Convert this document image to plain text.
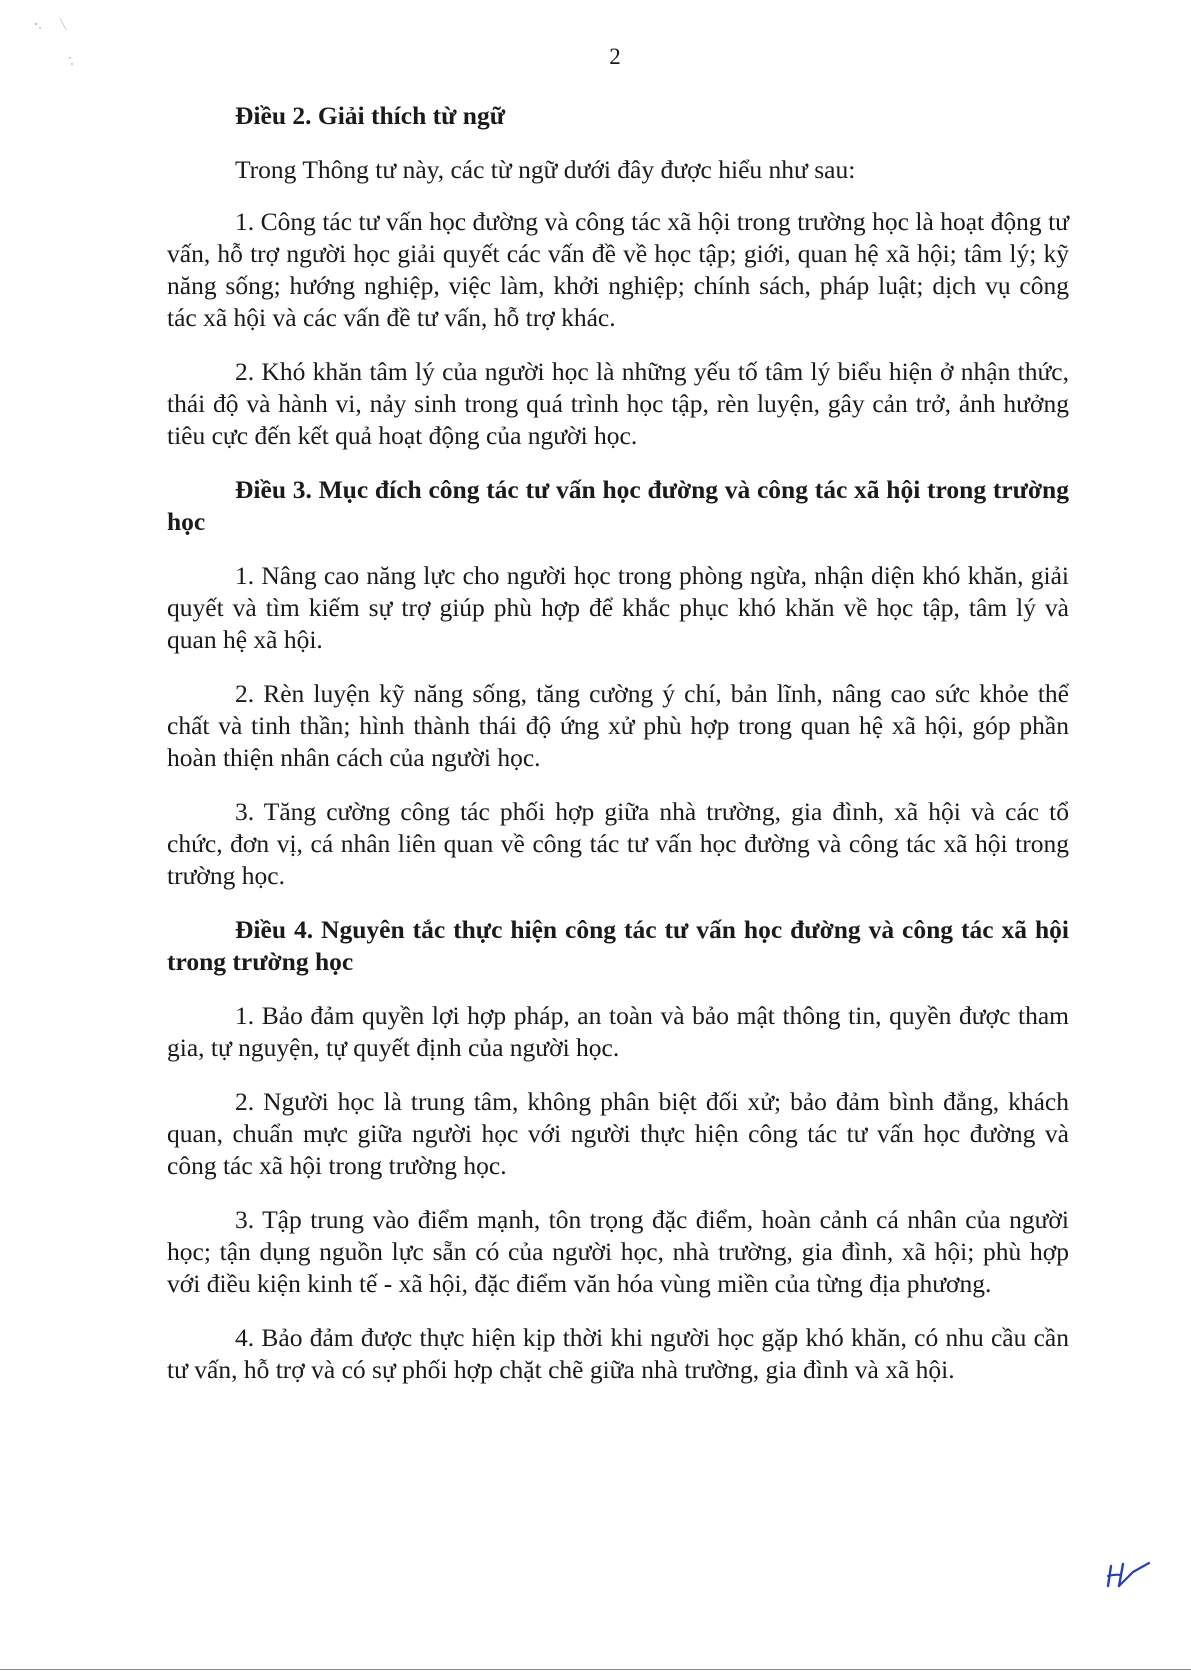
2

Điều 2. Giải thích từ ngữ

Trong Thông tư này, các từ ngữ dưới đây được hiểu như sau:

1. Công tác tư vấn học đường và công tác xã hội trong trường học là hoạt động tư vấn, hỗ trợ người học giải quyết các vấn đề về học tập; giới, quan hệ xã hội; tâm lý; kỹ năng sống; hướng nghiệp, việc làm, khởi nghiệp; chính sách, pháp luật; dịch vụ công tác xã hội và các vấn đề tư vấn, hỗ trợ khác.

2. Khó khăn tâm lý của người học là những yếu tố tâm lý biểu hiện ở nhận thức, thái độ và hành vi, nảy sinh trong quá trình học tập, rèn luyện, gây cản trở, ảnh hưởng tiêu cực đến kết quả hoạt động của người học.

Điều 3. Mục đích công tác tư vấn học đường và công tác xã hội trong trường học

1. Nâng cao năng lực cho người học trong phòng ngừa, nhận diện khó khăn, giải quyết và tìm kiếm sự trợ giúp phù hợp để khắc phục khó khăn về học tập, tâm lý và quan hệ xã hội.

2. Rèn luyện kỹ năng sống, tăng cường ý chí, bản lĩnh, nâng cao sức khỏe thể chất và tinh thần; hình thành thái độ ứng xử phù hợp trong quan hệ xã hội, góp phần hoàn thiện nhân cách của người học.

3. Tăng cường công tác phối hợp giữa nhà trường, gia đình, xã hội và các tổ chức, đơn vị, cá nhân liên quan về công tác tư vấn học đường và công tác xã hội trong trường học.

Điều 4. Nguyên tắc thực hiện công tác tư vấn học đường và công tác xã hội trong trường học

1. Bảo đảm quyền lợi hợp pháp, an toàn và bảo mật thông tin, quyền được tham gia, tự nguyện, tự quyết định của người học.

2. Người học là trung tâm, không phân biệt đối xử; bảo đảm bình đẳng, khách quan, chuẩn mực giữa người học với người thực hiện công tác tư vấn học đường và công tác xã hội trong trường học.

3. Tập trung vào điểm mạnh, tôn trọng đặc điểm, hoàn cảnh cá nhân của người học; tận dụng nguồn lực sẵn có của người học, nhà trường, gia đình, xã hội; phù hợp với điều kiện kinh tế - xã hội, đặc điểm văn hóa vùng miền của từng địa phương.

4. Bảo đảm được thực hiện kịp thời khi người học gặp khó khăn, có nhu cầu cần tư vấn, hỗ trợ và có sự phối hợp chặt chẽ giữa nhà trường, gia đình và xã hội.
